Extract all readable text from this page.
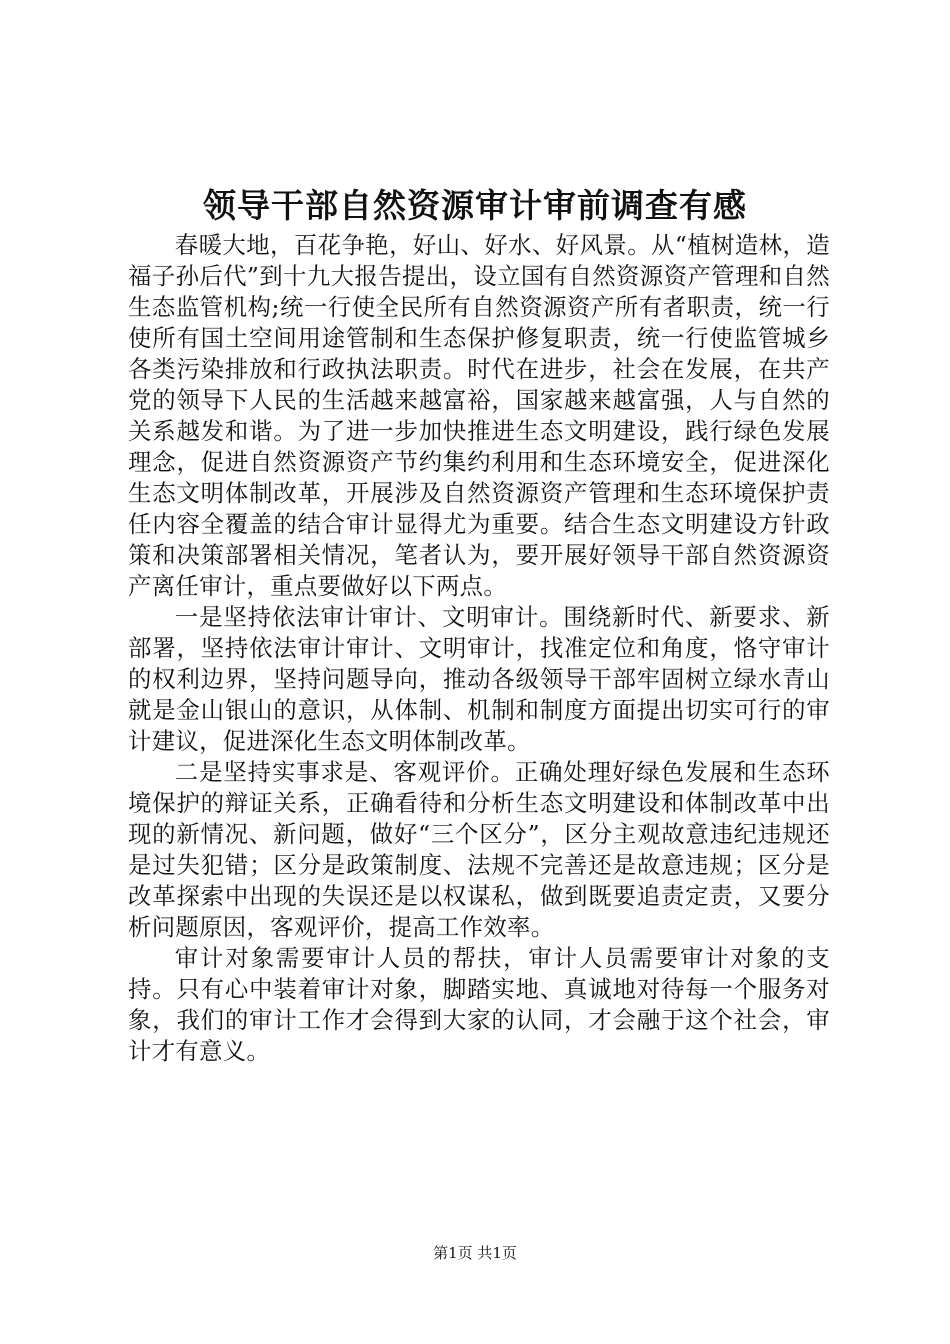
领导干部自然资源审计审前调查有感

春暖大地，百花争艳，好山、好水、好风景。从“植树造林，造福子孙后代”到十九大报告提出，设立国有自然资源资产管理和自然生态监管机构;统一行使全民所有自然资源资产所有者职责，统一行使所有国土空间用途管制和生态保护修复职责，统一行使监管城乡各类污染排放和行政执法职责。时代在进步，社会在发展，在共产党的领导下人民的生活越来越富裕，国家越来越富强，人与自然的关系越发和谐。为了进一步加快推进生态文明建设，践行绿色发展理念，促进自然资源资产节约集约利用和生态环境安全，促进深化生态文明体制改革，开展涉及自然资源资产管理和生态环境保护责任内容全覆盖的结合审计显得尤为重要。结合生态文明建设方针政策和决策部署相关情况，笔者认为，要开展好领导干部自然资源资产离任审计，重点要做好以下两点。

一是坚持依法审计审计、文明审计。围绕新时代、新要求、新部署，坚持依法审计审计、文明审计，找准定位和角度，恪守审计的权利边界，坚持问题导向，推动各级领导干部牢固树立绿水青山就是金山银山的意识，从体制、机制和制度方面提出切实可行的审计建议，促进深化生态文明体制改革。

二是坚持实事求是、客观评价。正确处理好绿色发展和生态环境保护的辩证关系，正确看待和分析生态文明建设和体制改革中出现的新情况、新问题，做好“三个区分”，区分主观故意违纪违规还是过失犯错；区分是政策制度、法规不完善还是故意违规；区分是改革探索中出现的失误还是以权谋私，做到既要追责定责，又要分析问题原因，客观评价，提高工作效率。

审计对象需要审计人员的帮扶，审计人员需要审计对象的支持。只有心中装着审计对象，脚踏实地、真诚地对待每一个服务对象，我们的审计工作才会得到大家的认同，才会融于这个社会，审计才有意义。

第1页 共1页
